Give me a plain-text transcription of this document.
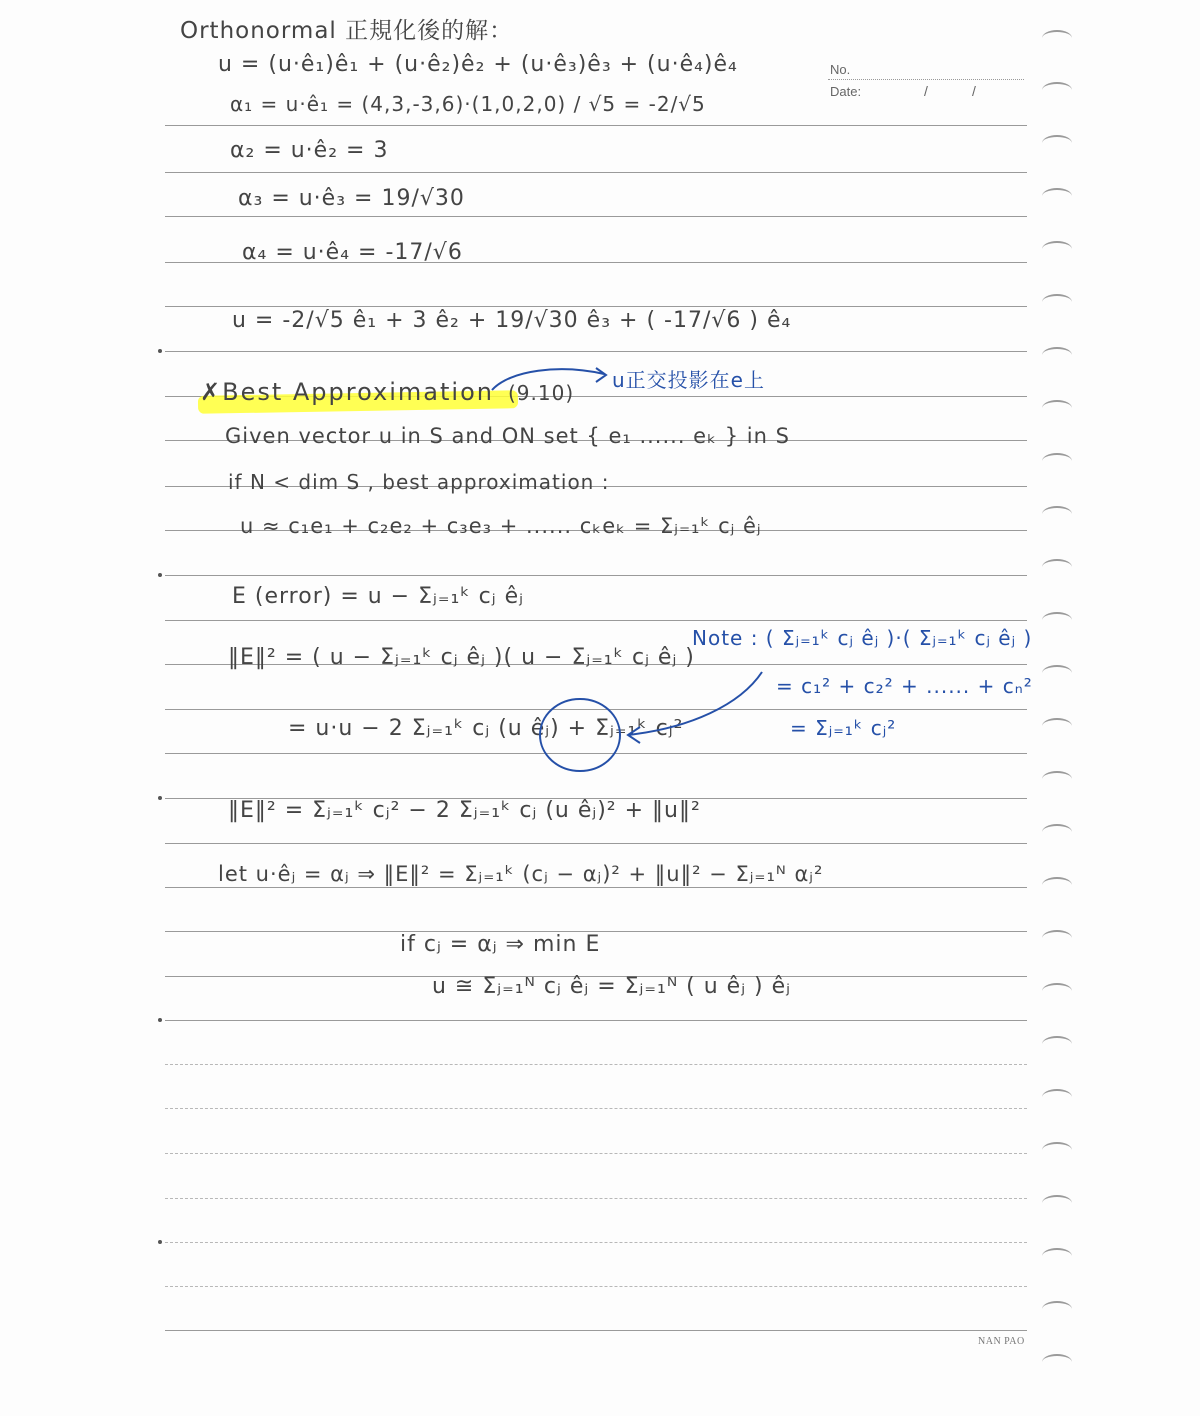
No.
Date:	/	/
Orthonormal 正規化後的解：
u = (u·ê₁)ê₁ + (u·ê₂)ê₂ + (u·ê₃)ê₃ + (u·ê₄)ê₄
α₁ = u·ê₁ = (4,3,-3,6)·(1,0,2,0) / √5 = -2/√5
α₂ = u·ê₂ = 3
α₃ = u·ê₃ = 19/√30
α₄ = u·ê₄ = -17/√6
u = -2/√5 ê₁ + 3 ê₂ + 19/√30 ê₃ + ( -17/√6 ) ê₄
✗Best Approximation (9.10)
u正交投影在e上
Given vector u in S and ON set { e₁ ...... eₖ } in S
if N < dim S , best approximation :
u ≈ c₁e₁ + c₂e₂ + c₃e₃ + ...... cₖeₖ = Σⱼ₌₁ᵏ cⱼ êⱼ
E (error) = u − Σⱼ₌₁ᵏ cⱼ êⱼ
‖E‖² = ( u − Σⱼ₌₁ᵏ cⱼ êⱼ )( u − Σⱼ₌₁ᵏ cⱼ êⱼ )
= u·u − 2 Σⱼ₌₁ᵏ cⱼ (u êⱼ) + Σⱼ₌₁ᵏ cⱼ²
‖E‖² = Σⱼ₌₁ᵏ cⱼ² − 2 Σⱼ₌₁ᵏ cⱼ (u êⱼ)² + ‖u‖²
let u·êⱼ = αⱼ ⇒ ‖E‖² = Σⱼ₌₁ᵏ (cⱼ − αⱼ)² + ‖u‖² − Σⱼ₌₁ᴺ αⱼ²
if cⱼ = αⱼ ⇒ min E
u ≅ Σⱼ₌₁ᴺ cⱼ êⱼ = Σⱼ₌₁ᴺ ( u êⱼ ) êⱼ
Note : ( Σⱼ₌₁ᵏ cⱼ êⱼ )·( Σⱼ₌₁ᵏ cⱼ êⱼ )
= c₁² + c₂² + ...... + cₙ²
= Σⱼ₌₁ᵏ cⱼ²
NAN PAO
